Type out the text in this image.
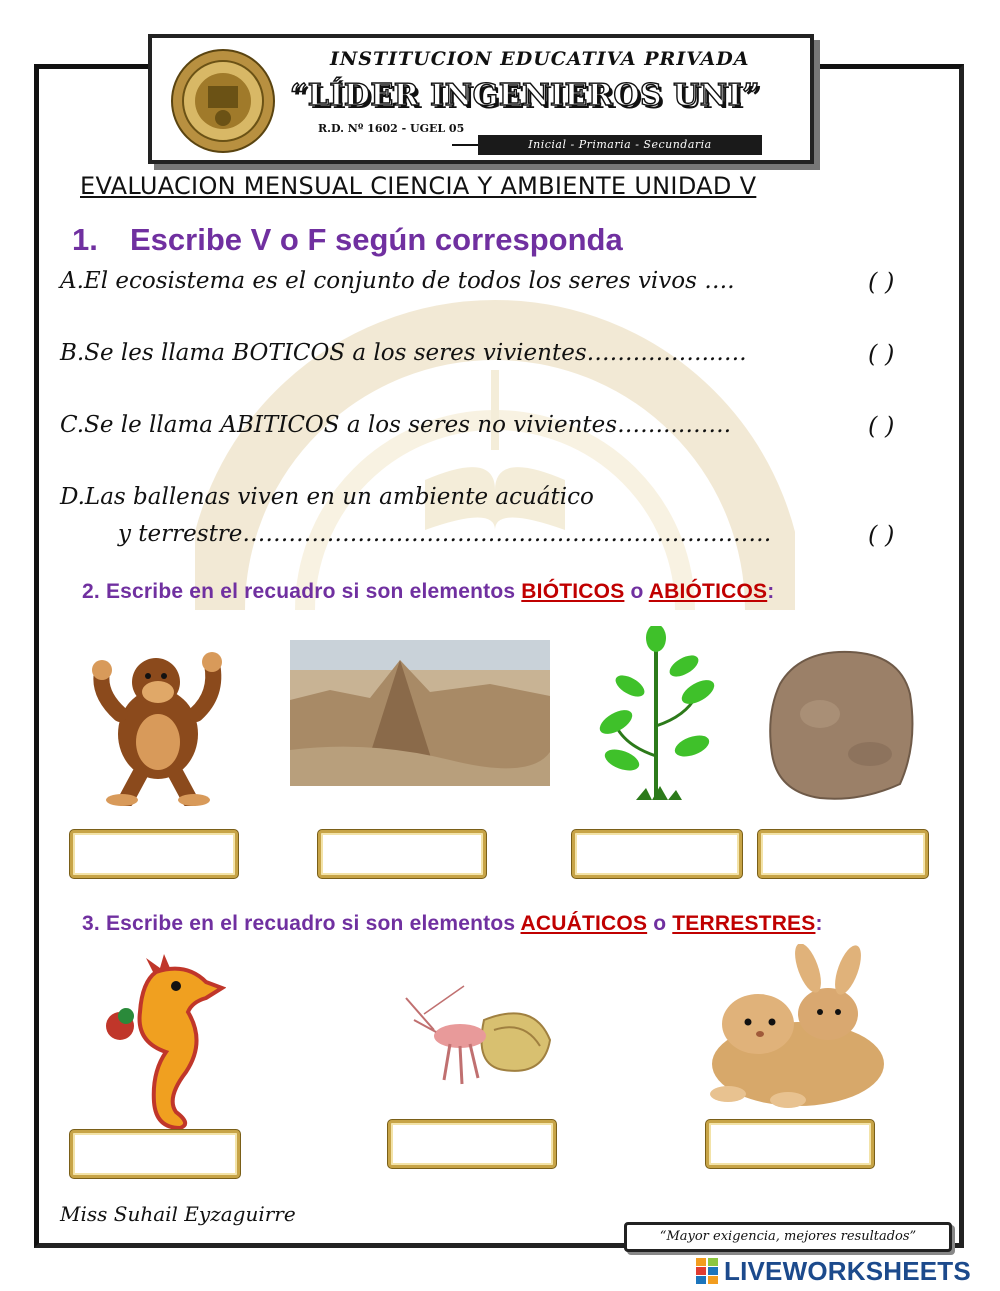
INSTITUCION EDUCATIVA PRIVADA
“LÍDER INGENIEROS UNI”
R.D. Nº 1602 - UGEL 05
Inicial - Primaria - Secundaria
EVALUACION MENSUAL CIENCIA Y AMBIENTE UNIDAD V
1. Escribe V o F según corresponda
A.El ecosistema es el conjunto de todos los seres vivos ….	( )
B.Se les llama BOTICOS a los seres vivientes……………..….	( )
C.Se le llama ABITICOS a los seres no vivientes……..…….	( )
D.Las ballenas viven en un ambiente acuático
y terrestre……………………………………………………………	( )
2. Escribe en el recuadro si son elementos BIÓTICOS o ABIÓTICOS:
3. Escribe en el recuadro si son elementos ACUÁTICOS o TERRESTRES:
Miss Suhail Eyzaguirre
“Mayor exigencia, mejores resultados”
LIVEWORKSHEETS
